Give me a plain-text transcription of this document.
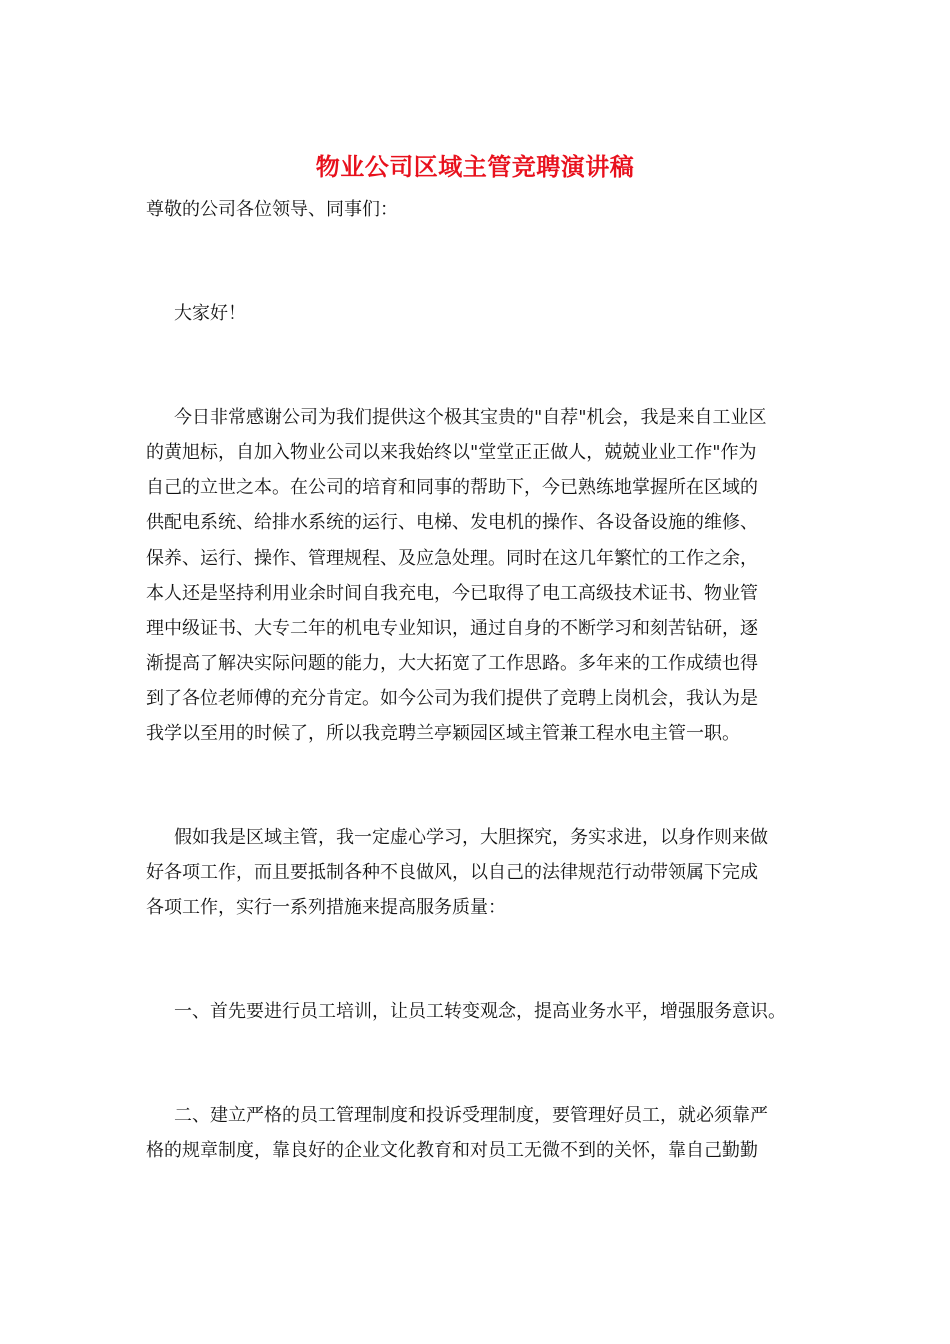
物业公司区域主管竞聘演讲稿
尊敬的公司各位领导、同事们：
大家好！
今日非常感谢公司为我们提供这个极其宝贵的"自荐"机会，我是来自工业区
的黄旭标，自加入物业公司以来我始终以"堂堂正正做人，兢兢业业工作"作为
自己的立世之本。在公司的培育和同事的帮助下，今已熟练地掌握所在区域的
供配电系统、给排水系统的运行、电梯、发电机的操作、各设备设施的维修、
保养、运行、操作、管理规程、及应急处理。同时在这几年繁忙的工作之余，
本人还是坚持利用业余时间自我充电，今已取得了电工高级技术证书、物业管
理中级证书、大专二年的机电专业知识，通过自身的不断学习和刻苦钻研，逐
渐提高了解决实际问题的能力，大大拓宽了工作思路。多年来的工作成绩也得
到了各位老师傅的充分肯定。如今公司为我们提供了竞聘上岗机会，我认为是
我学以至用的时候了，所以我竞聘兰亭颖园区域主管兼工程水电主管一职。
假如我是区域主管，我一定虚心学习，大胆探究，务实求进，以身作则来做
好各项工作，而且要抵制各种不良做风，以自己的法律规范行动带领属下完成
各项工作，实行一系列措施来提高服务质量：
一、首先要进行员工培训，让员工转变观念，提高业务水平，增强服务意识。
二、建立严格的员工管理制度和投诉受理制度，要管理好员工，就必须靠严
格的规章制度，靠良好的企业文化教育和对员工无微不到的关怀，靠自己勤勤
